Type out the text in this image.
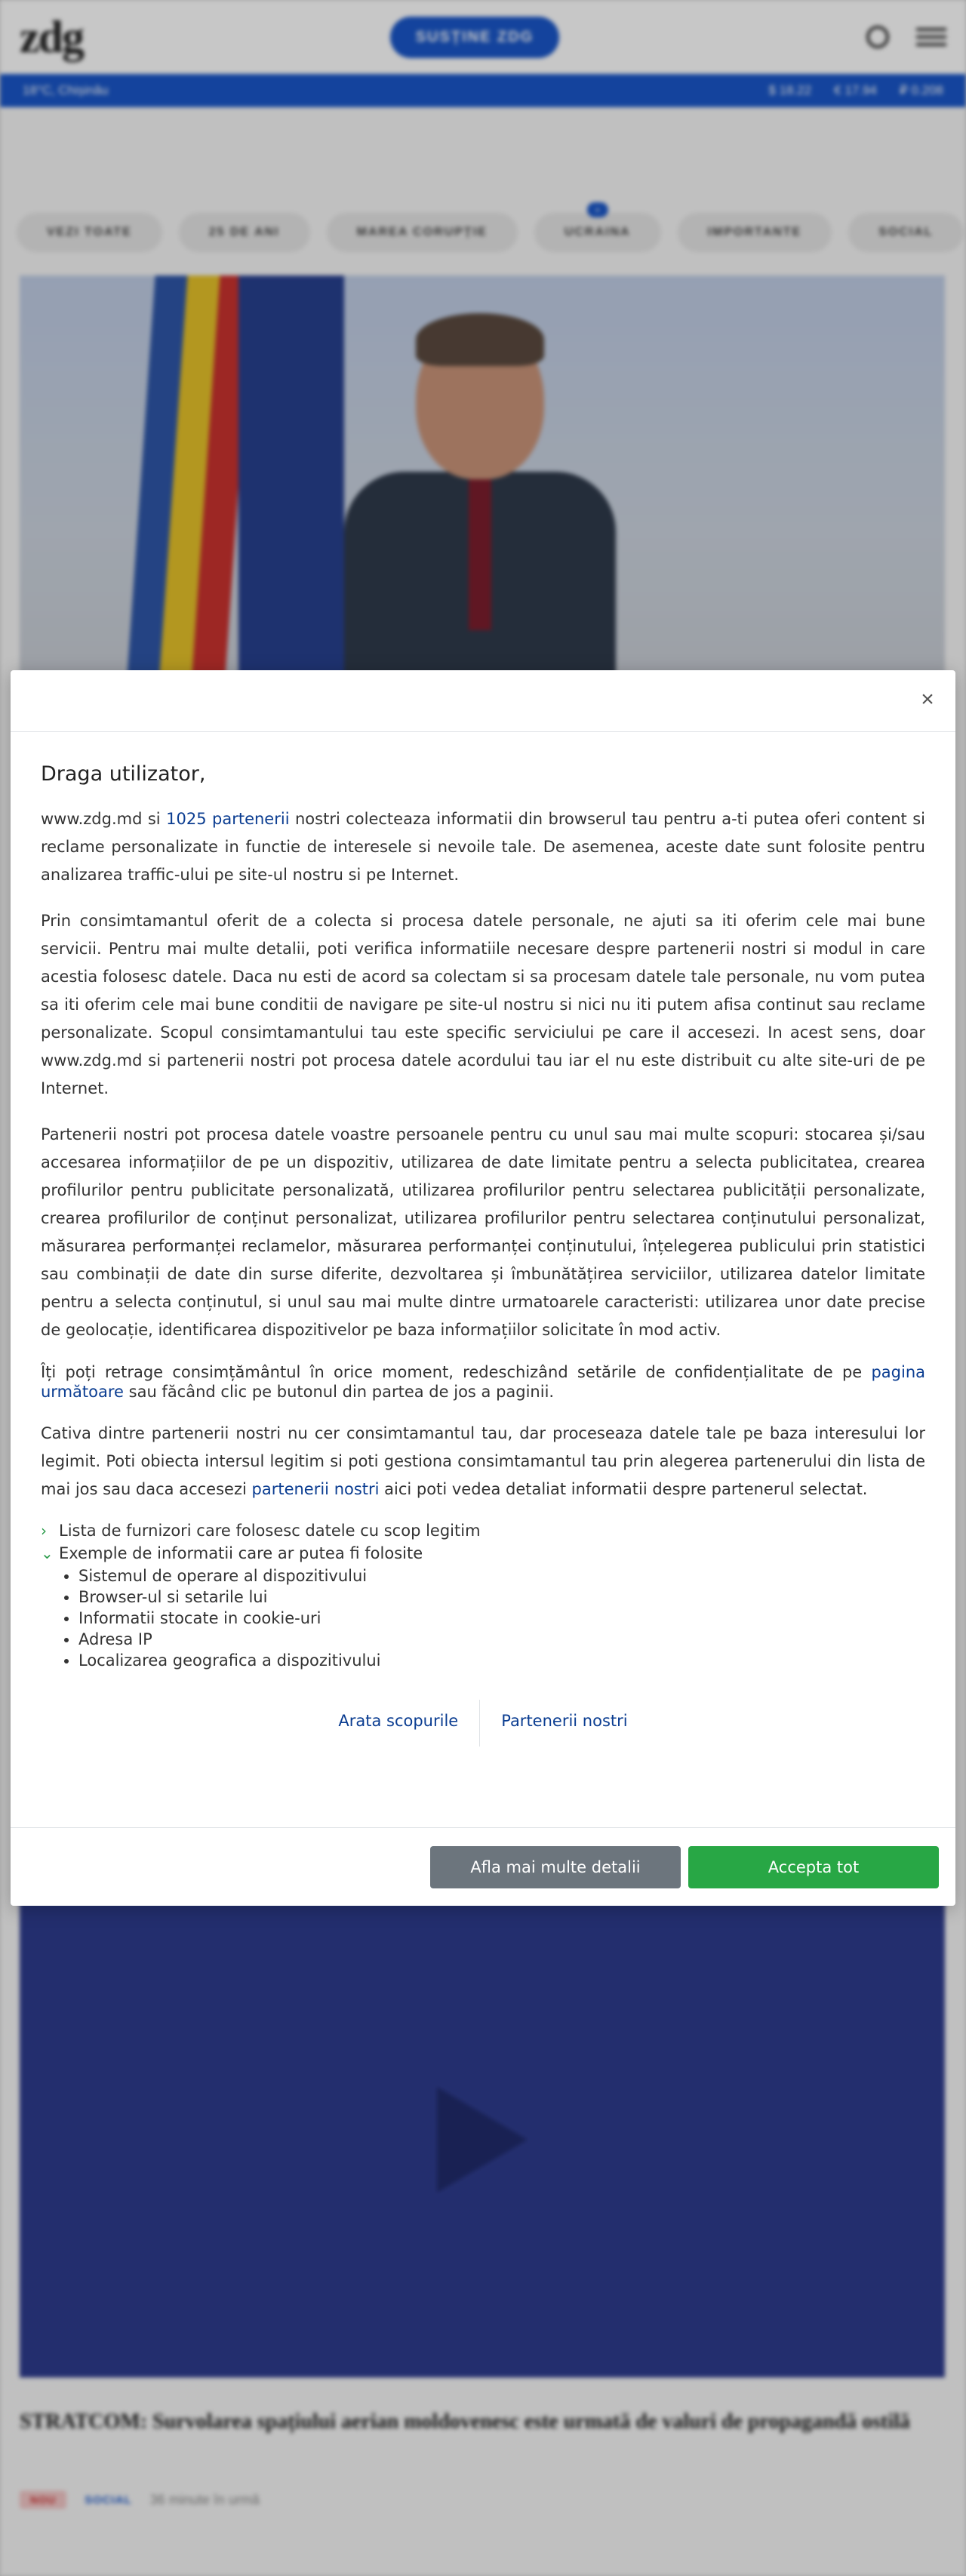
zdg	SUSȚINE ZDG
18°C, Chișinău	$ 18.22 € 17.94 ₽ 0.208
VEZI TOATE	25 DE ANI	MAREA CORUPȚIE	UCRAINA
•
IMPORTANTE	SOCIAL
STRATCOM: Survolarea spațiului aerian moldovenesc este urmată de valuri de propagandă ostilă
NOU	SOCIAL 36 minute în urmă
×
Draga utilizator,

www.zdg.md si 1025 partenerii nostri colecteaza informatii din browserul tau pentru a-ti putea oferi content si reclame personalizate in functie de interesele si nevoile tale. De asemenea, aceste date sunt folosite pentru analizarea traffic-ului pe site-ul nostru si pe Internet.

Prin consimtamantul oferit de a colecta si procesa datele personale, ne ajuti sa iti oferim cele mai bune servicii. Pentru mai multe detalii, poti verifica informatiile necesare despre partenerii nostri si modul in care acestia folosesc datele. Daca nu esti de acord sa colectam si sa procesam datele tale personale, nu vom putea sa iti oferim cele mai bune conditii de navigare pe site-ul nostru si nici nu iti putem afisa continut sau reclame personalizate. Scopul consimtamantului tau este specific serviciului pe care il accesezi. In acest sens, doar www.zdg.md si partenerii nostri pot procesa datele acordului tau iar el nu este distribuit cu alte site-uri de pe Internet.

Partenerii nostri pot procesa datele voastre persoanele pentru cu unul sau mai multe scopuri: stocarea și/sau accesarea informațiilor de pe un dispozitiv, utilizarea de date limitate pentru a selecta publicitatea, crearea profilurilor pentru publicitate personalizată, utilizarea profilurilor pentru selectarea publicității personalizate, crearea profilurilor de conținut personalizat, utilizarea profilurilor pentru selectarea conținutului personalizat, măsurarea performanței reclamelor, măsurarea performanței conținutului, înțelegerea publicului prin statistici sau combinații de date din surse diferite, dezvoltarea și îmbunătățirea serviciilor, utilizarea datelor limitate pentru a selecta conținutul, si unul sau mai multe dintre urmatoarele caracteristi: utilizarea unor date precise de geolocație, identificarea dispozitivelor pe baza informațiilor solicitate în mod activ.

Îți poți retrage consimțământul în orice moment, redeschizând setările de confidențialitate de pe pagina următoare sau făcând clic pe butonul din partea de jos a paginii.

Cativa dintre partenerii nostri nu cer consimtamantul tau, dar proceseaza datele tale pe baza interesului lor legimit. Poti obiecta intersul legitim si poti gestiona consimtamantul tau prin alegerea partenerului din lista de mai jos sau daca accesezi partenerii nostri aici poti vedea detaliat informatii despre partenerul selectat.

› Lista de furnizori care folosesc datele cu scop legitim
⌄ Exemple de informatii care ar putea fi folosite
• Sistemul de operare al dispozitivului
• Browser-ul si setarile lui
• Informatii stocate in cookie-uri
• Adresa IP
• Localizarea geografica a dispozitivului
Arata scopurile	Partenerii nostri
Afla mai multe detalii	Accepta tot
